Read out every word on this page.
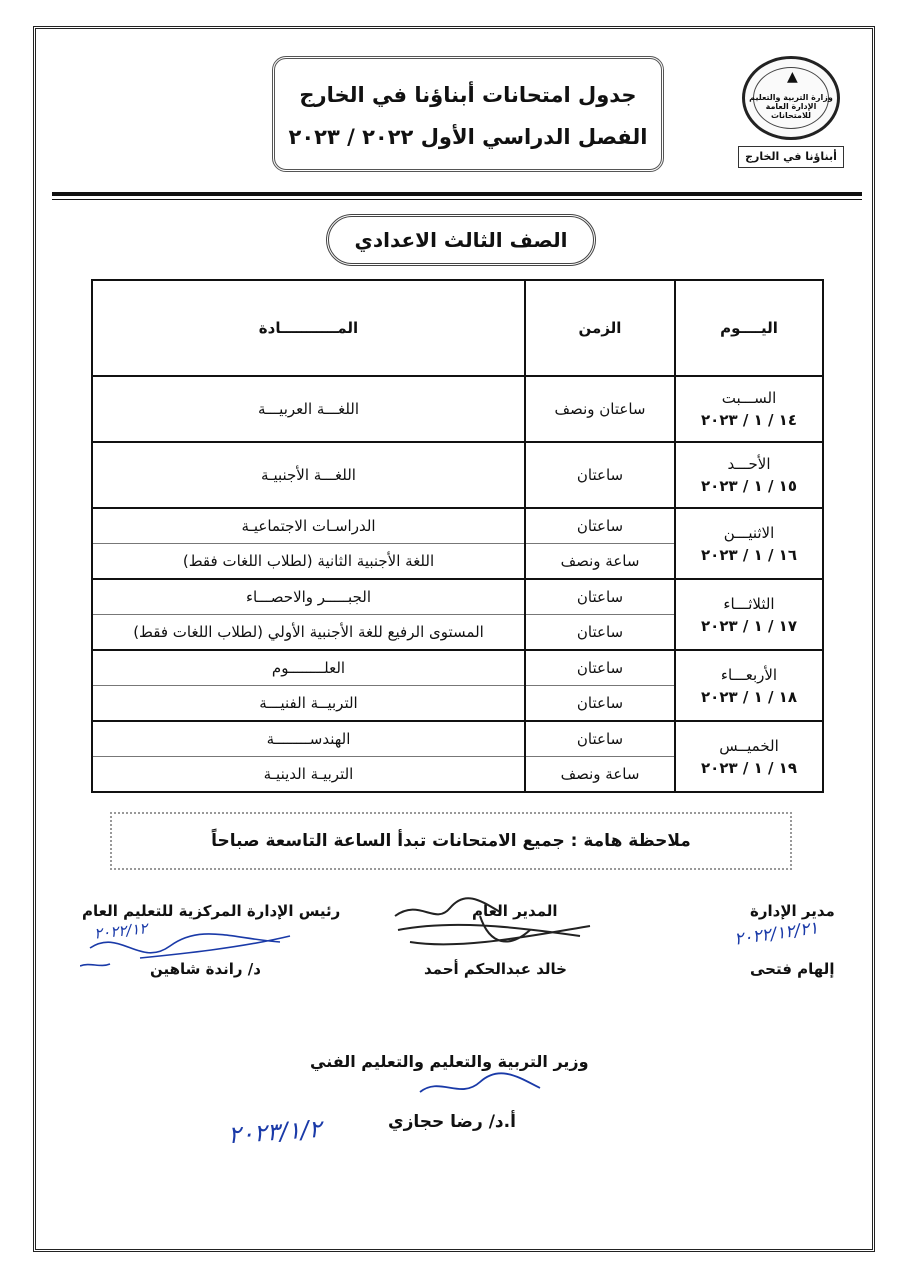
جدول امتحانات أبناؤنا في الخارج
الفصل الدراسي الأول ٢٠٢٢ / ٢٠٢٣
▲
وزارة التربية والتعليم الإدارة العامة للامتحانات
أبناؤنا في الخارج
الصف الثالث الاعدادي
اليــــوم	الزمن	المـــــــــــادة

الســـبت
١٤ / ١ / ٢٠٢٣	ساعتان ونصف	اللغـــة العربيـــة

الأحـــد
١٥ / ١ / ٢٠٢٣	ساعتان	اللغـــة الأجنبيـة

الاثنيـــن
١٦ / ١ / ٢٠٢٣	ساعتان	الدراسـات الاجتماعيـة
	ساعة ونصف	اللغة الأجنبية الثانية (لطلاب اللغات فقط)

الثلاثـــاء
١٧ / ١ / ٢٠٢٣	ساعتان	الجبـــــر والاحصـــاء
	ساعتان	المستوى الرفيع للغة الأجنبية الأولي (لطلاب اللغات فقط)

الأربعـــاء
١٨ / ١ / ٢٠٢٣	ساعتان	العلــــــــوم
	ساعتان	التربيــة الفنيـــة

الخميــس
١٩ / ١ / ٢٠٢٣	ساعتان	الهندســــــــة
	ساعة ونصف	التربيـة الدينيـة
ملاحظة هامة : جميع الامتحانات تبدأ الساعة التاسعة صباحاً
مدير الإدارة
إلهام فتحى
٢٠٢٢/١٢/٢١
المدير العام
خالد عبدالحكم أحمد
رئيس الإدارة المركزية للتعليم العام
د/ راندة شاهين
٢٠٢٢/١٢
وزير التربية والتعليم والتعليم الفني
أ.د/ رضا حجازي
٢٠٢٣/١/٢
